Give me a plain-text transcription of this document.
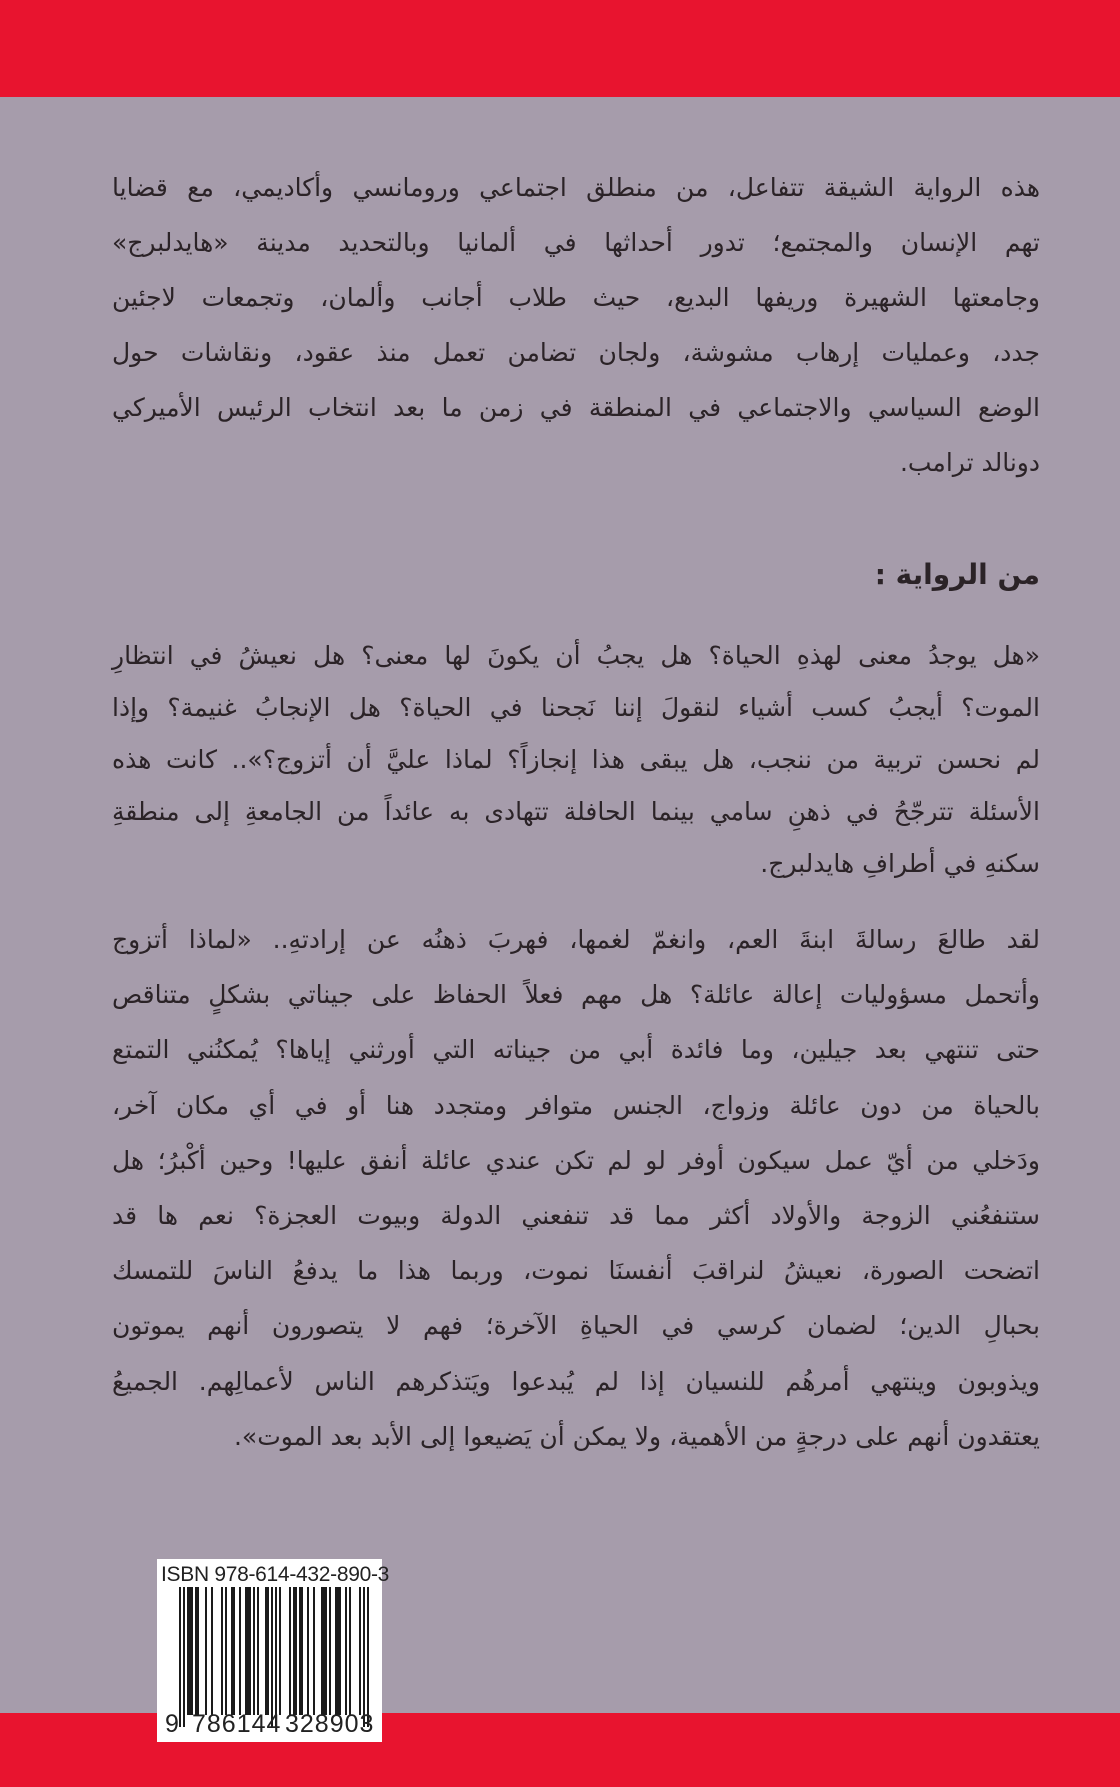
هذه الرواية الشيقة تتفاعل، من منطلق اجتماعي ورومانسي وأكاديمي، مع قضايا
تهم الإنسان والمجتمع؛ تدور أحداثها في ألمانيا وبالتحديد مدينة «هايدلبرج»
وجامعتها الشهيرة وريفها البديع، حيث طلاب أجانب وألمان، وتجمعات لاجئين
جدد، وعمليات إرهاب مشوشة، ولجان تضامن تعمل منذ عقود، ونقاشات حول
الوضع السياسي والاجتماعي في المنطقة في زمن ما بعد انتخاب الرئيس الأميركي
دونالد ترامب.
من الرواية :
«هل يوجدُ معنى لهذهِ الحياة؟ هل يجبُ أن يكونَ لها معنى؟ هل نعيشُ في انتظارِ
الموت؟ أيجبُ كسب أشياء لنقولَ إننا نَجحنا في الحياة؟ هل الإنجابُ غنيمة؟ وإذا
لم نحسن تربية من ننجب، هل يبقى هذا إنجازاً؟ لماذا عليَّ أن أتزوج؟».. كانت هذه
الأسئلة تترجّحُ في ذهنِ سامي بينما الحافلة تتهادى به عائداً من الجامعةِ إلى منطقةِ
سكنهِ في أطرافِ هايدلبرج.
لقد طالعَ رسالةَ ابنةَ العم، وانغمّ لغمها، فهربَ ذهنُه عن إرادتهِ.. «لماذا أتزوج
وأتحمل مسؤوليات إعالة عائلة؟ هل مهم فعلاً الحفاظ على جيناتي بشكلٍ متناقص
حتى تنتهي بعد جيلين، وما فائدة أبي من جيناته التي أورثني إياها؟ يُمكنُني التمتع
بالحياة من دون عائلة وزواج، الجنس متوافر ومتجدد هنا أو في أي مكان آخر،
ودَخلي من أيّ عمل سيكون أوفر لو لم تكن عندي عائلة أنفق عليها! وحين أكْبرُ؛ هل
ستنفعُني الزوجة والأولاد أكثر مما قد تنفعني الدولة وبيوت العجزة؟ نعم ها قد
اتضحت الصورة، نعيشُ لنراقبَ أنفسنَا نموت، وربما هذا ما يدفعُ الناسَ للتمسك
بحبالِ الدين؛ لضمان كرسي في الحياةِ الآخرة؛ فهم لا يتصورون أنهم يموتون
ويذوبون وينتهي أمرهُم للنسيان إذا لم يُبدعوا ويَتذكرهم الناس لأعمالِهم. الجميعُ
يعتقدون أنهم على درجةٍ من الأهمية، ولا يمكن أن يَضيعوا إلى الأبد بعد الموت».
ISBN 978-614-432-890-3
9 786144 328903
